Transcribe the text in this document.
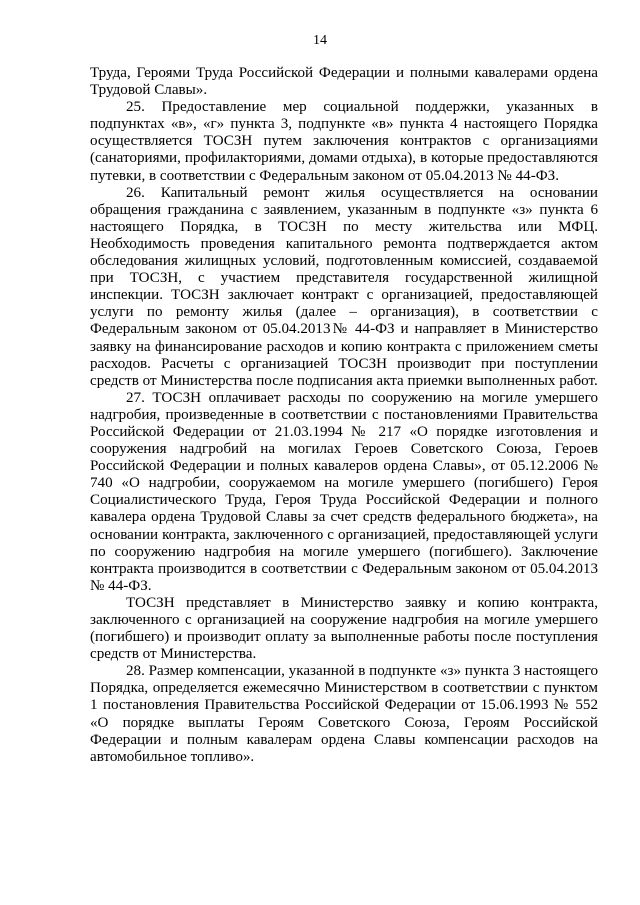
14

Труда, Героями Труда Российской Федерации и полными кавалерами ордена Трудовой Славы».

25. Предоставление мер социальной поддержки, указанных в подпунктах «в», «г» пункта 3, подпункте «в» пункта 4 настоящего Порядка осуществляется ТОСЗН путем заключения контрактов с организациями (санаториями, профилакториями, домами отдыха), в которые предоставляются путевки, в соответствии с Федеральным законом от 05.04.2013 № 44-ФЗ.

26. Капитальный ремонт жилья осуществляется на основании обращения гражданина с заявлением, указанным в подпункте «з» пункта 6 настоящего Порядка, в ТОСЗН по месту жительства или МФЦ. Необходимость проведения капитального ремонта подтверждается актом обследования жилищных условий, подготовленным комиссией, создаваемой при ТОСЗН, с участием представителя государственной жилищной инспекции. ТОСЗН заключает контракт с организацией, предоставляющей услуги по ремонту жилья (далее – организация), в соответствии с Федеральным законом от 05.04.2013№ 44-ФЗ и направляет в Министерство заявку на финансирование расходов и копию контракта с приложением сметы расходов. Расчеты с организацией ТОСЗН производит при поступлении средств от Министерства после подписания акта приемки выполненных работ.

27. ТОСЗН оплачивает расходы по сооружению на могиле умершего надгробия, произведенные в соответствии с постановлениями Правительства Российской Федерации от 21.03.1994 № 217 «О порядке изготовления и сооружения надгробий на могилах Героев Советского Союза, Героев Российской Федерации и полных кавалеров ордена Славы», от 05.12.2006 № 740 «О надгробии, сооружаемом на могиле умершего (погибшего) Героя Социалистического Труда, Героя Труда Российской Федерации и полного кавалера ордена Трудовой Славы за счет средств федерального бюджета», на основании контракта, заключенного с организацией, предоставляющей услуги по сооружению надгробия на могиле умершего (погибшего). Заключение контракта производится в соответствии с Федеральным законом от 05.04.2013 № 44-ФЗ.

ТОСЗН представляет в Министерство заявку и копию контракта, заключенного с организацией на сооружение надгробия на могиле умершего (погибшего) и производит оплату за выполненные работы после поступления средств от Министерства.

28. Размер компенсации, указанной в подпункте «з» пункта 3 настоящего Порядка, определяется ежемесячно Министерством в соответствии с пунктом 1 постановления Правительства Российской Федерации от 15.06.1993 № 552 «О порядке выплаты Героям Советского Союза, Героям Российской Федерации и полным кавалерам ордена Славы компенсации расходов на автомобильное топливо».
